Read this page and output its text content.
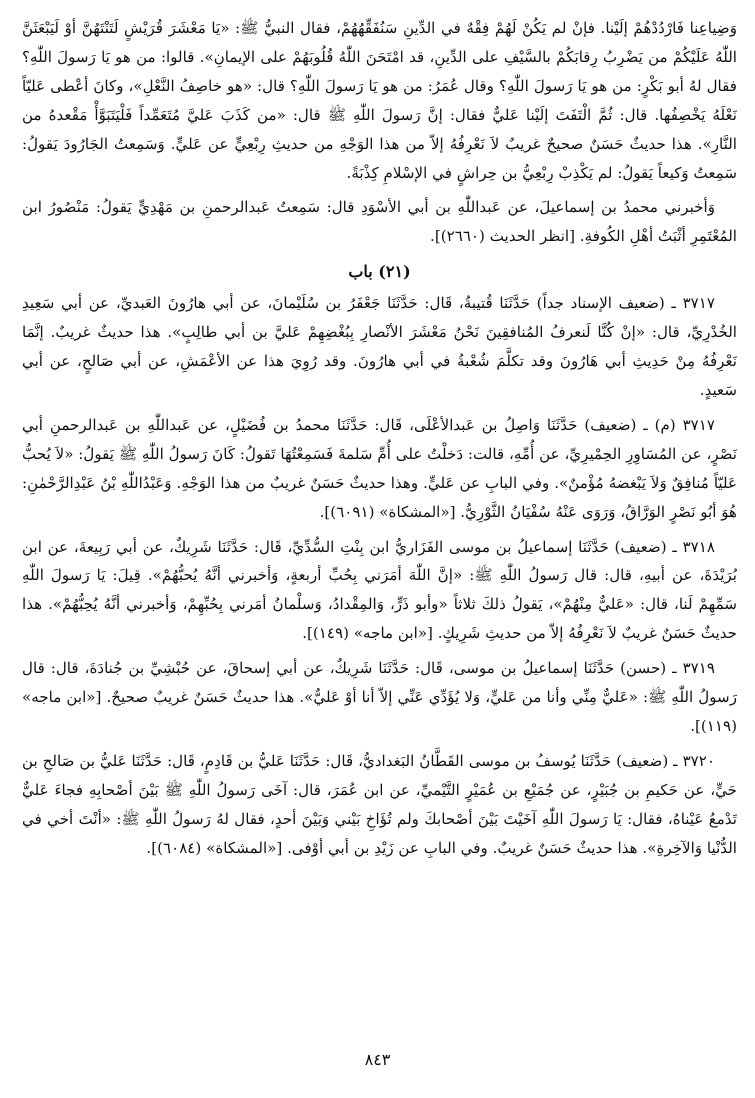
وَضِياعِنا فَارْدُدْهُمْ إلَيْنا. فإنْ لم يَكُنْ لَهُمْ فِقْهٌ في الدِّينِ سَنُفَقِّهُهُمْ، فقال النبيُّ ﷺ: «يَا مَعْشَرَ قُرَيْشٍ لَتَنْتَهُنَّ أوْ لَيَبْعَثَنَّ اللّٰهُ عَلَيْكُمْ من يَضْرِبُ رِقابَكُمْ بالسَّيْفِ على الدِّينِ، قد امْتَحَنَ اللّٰهُ قُلُوبَهُمْ على الإيمانِ». قالوا: من هو يَا رَسولَ اللّٰهِ؟ فقال لهُ أبو بَكْرٍ: من هو يَا رَسولَ اللّٰهِ؟ وقال عُمَرُ: من هو يَا رَسولَ اللّٰهِ؟ قال: «هو خاصِفُ النَّعْلِ»، وكانَ أعْطى عَليّاً نَعْلَهُ يَخْصِفُها. قال: ثُمَّ الْتَفَتَ إلَيْنا عَليٌّ فقال: إنَّ رَسولَ اللّٰهِ ﷺ قال: «من كَذَبَ عَليَّ مُتَعَمِّداً فَلْيَتَبَوَّأْ مَقْعدهُ من النَّارِ». هذا حديثٌ حَسَنٌ صحيحٌ غريبٌ لاَ نَعْرِفُهُ إلاّ من هذا الوَجْهِ من حديثِ رِبْعِيٍّ عن عَليٍّ. وَسَمِعتُ الجَارُودَ يَقولُ: سَمِعتُ وَكيعاً يَقولُ: لم يَكْذِبْ رِبْعِيُّ بن حِراشٍ في الإسْلامِ كِذْبَةً.

وَأخبرني محمدُ بن إسماعيلَ، عن عَبداللّٰهِ بن أبي الأسْوَدِ قال: سَمِعتُ عَبدالرحمنِ بن مَهْدِيٍّ يَقولُ: مَنْصُورُ ابن المُعْتَمِرِ أثْبَتُ أهْلِ الكُوفةِ. [انظر الحديث (٢٦٦٠)].

(٢١) باب

٣٧١٧ ـ (ضعيف الإسناد جداً) حَدَّثَنَا قُتيبةُ، قَال: حَدَّثَنَا جَعْفَرُ بن سُلَيْمانَ، عن أبي هارُونَ العَبديِّ، عن أبي سَعِيدِ الخُدْرِيِّ، قال: «إنْ كُنَّا لَنعرفُ المُنافقِينَ نَحْنُ مَعْشَرَ الأنْصارِ بِبُغْضِهِمْ عَليَّ بن أبي طالِبٍ». هذا حديثٌ غريبٌ. إنَّمَا نَعْرِفُهُ مِنْ حَدِيثِ أبي هَارُونَ وقد تكلَّمَ شُعْبةُ في أبي هارُونَ. وقد رُوِيَ هذا عن الأعْمَشِ، عن أبي صَالحٍ، عن أبي سَعيدٍ.

٣٧١٧ (م) ـ (ضعيف) حَدَّثَنَا وَاصِلُ بن عَبدالأعْلَى، قَال: حَدَّثَنَا محمدُ بن فُضَيْلٍ، عن عَبداللّٰهِ بن عَبدالرحمنِ أبي نَصْرٍ، عن المُسَاوِرِ الحِمْيرِيِّ، عن أُمِّهِ، قالت: دَخلْتُ على أُمِّ سَلمةَ فَسَمِعْتُهَا تَقولُ: كَانَ رَسولُ اللّٰهِ ﷺ يَقولُ: «لاَ يُحبُّ عَليّاً مُنافِقٌ وَلاَ يَبْغضهُ مُؤْمنٌ». وفي البابِ عن عَليٍّ. وهذا حديثٌ حَسَنٌ غريبٌ من هذا الوَجْهِ. وَعَبْدُاللّٰهِ بْنُ عَبْدِالرَّحْمٰنِ: هُوَ أبُو نَصْرٍ الوَرَّاقُ، وَرَوَى عَنْهُ سُفْيَانُ الثَّوْرِيُّ. [«المشكاة» (٦٠٩١)].

٣٧١٨ ـ (ضعيف) حَدَّثَنَا إسماعيلُ بن موسى الفَزَاريُّ ابن بِنْتِ السُّدِّيِّ، قَال: حَدَّثَنَا شَرِيكٌ، عن أبي رَبِيعةَ، عن ابن بُرَيْدَةَ، عن أبيهِ، قال: قال رَسولُ اللّٰهِ ﷺ: «إنَّ اللّٰهَ أمَرَني بِحُبِّ أربعةٍ، وَأخبرني أنَّهُ يُحبُّهُمْ». قِيلَ: يَا رَسولَ اللّٰهِ سَمِّهِمْ لَنا، قال: «عَليٌّ مِنْهُمْ»، يَقولُ ذلكَ ثلاثاً «وأبو ذَرٍّ، وَالمِقْدادُ، وَسلْمانُ أمَرني بِحُبِّهِمْ، وَأخبرني أنَّهُ يُحِبُّهُمْ». هذا حديثٌ حَسَنٌ غريبٌ لاَ نَعْرِفُهُ إلاّ من حديثِ شَرِيكٍ. [«ابن ماجه» (١٤٩)].

٣٧١٩ ـ (حسن) حَدَّثَنَا إسماعيلُ بن موسى، قَال: حَدَّثَنَا شَرِيكٌ، عن أبي إسحاقَ، عن حُبْشِيِّ بن جُنادَةَ، قال: قال رَسولُ اللّٰهِ ﷺ: «عَليٌّ مِنِّي وأنا من عَليٍّ، وَلا يُؤَدِّي عَنِّي إلاّ أنا أوْ عَليٌّ». هذا حديثٌ حَسَنٌ غريبٌ صحيحٌ. [«ابن ماجه» (١١٩)].

٣٧٢٠ ـ (ضعيف) حَدَّثَنَا يُوسفُ بن موسى القَطَّانُ البَغداديُّ، قَال: حَدَّثَنَا عَليُّ بن قَادِمٍ، قَال: حَدَّثَنَا عَليُّ بن صَالحِ بن حَيٍّ، عن حَكيمِ بن جُبَيْرٍ، عن جُمَيْعِ بن عُمَيْرٍ التَّيْميِّ، عن ابن عُمَرَ، قال: آخَى رَسولُ اللّٰهِ ﷺ بَيْنَ أصْحابِهِ فجاءَ عَليٌّ تَدْمعُ عَيْناهُ، فقال: يَا رَسولَ اللّٰهِ آخَيْتَ بَيْنَ أصْحابكَ ولم تُؤَاخِ بَيْني وَبَيْنَ أحدٍ، فقال لهُ رَسولُ اللّٰهِ ﷺ: «أنْتَ أخي في الدُّنْيا وَالآخِرةِ». هذا حديثٌ حَسَنٌ غريبٌ. وفي البابِ عن زَيْدِ بن أبي أوْفى. [«المشكاة» (٦٠٨٤)].

٨٤٣
